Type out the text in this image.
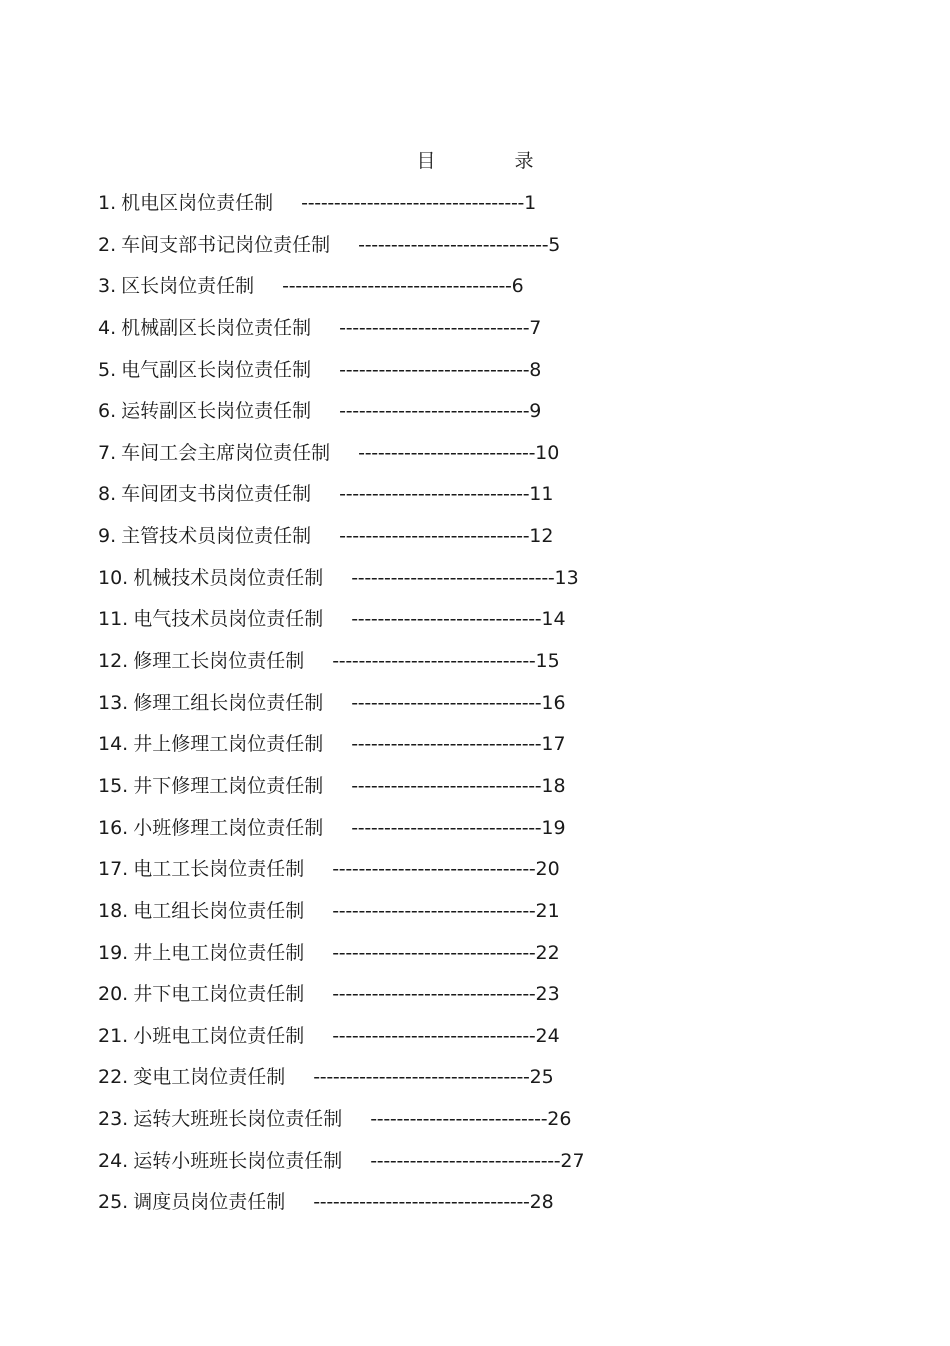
目　录
1. 机电区岗位责任制 ---------------------------------- 1
2. 车间支部书记岗位责任制 ----------------------------- 5
3. 区长岗位责任制 ----------------------------------- 6
4. 机械副区长岗位责任制 ----------------------------- 7
5. 电气副区长岗位责任制 ----------------------------- 8
6. 运转副区长岗位责任制 ----------------------------- 9
7. 车间工会主席岗位责任制 --------------------------- 10
8. 车间团支书岗位责任制 ----------------------------- 11
9. 主管技术员岗位责任制 ----------------------------- 12
10. 机械技术员岗位责任制 ------------------------------- 13
11. 电气技术员岗位责任制 ----------------------------- 14
12. 修理工长岗位责任制 ------------------------------- 15
13. 修理工组长岗位责任制 ----------------------------- 16
14. 井上修理工岗位责任制 ----------------------------- 17
15. 井下修理工岗位责任制 ----------------------------- 18
16. 小班修理工岗位责任制 ----------------------------- 19
17. 电工工长岗位责任制 ------------------------------- 20
18. 电工组长岗位责任制 ------------------------------- 21
19. 井上电工岗位责任制 ------------------------------- 22
20. 井下电工岗位责任制 ------------------------------- 23
21. 小班电工岗位责任制 ------------------------------- 24
22. 变电工岗位责任制 --------------------------------- 25
23. 运转大班班长岗位责任制 --------------------------- 26
24. 运转小班班长岗位责任制 ----------------------------- 27
25. 调度员岗位责任制 --------------------------------- 28
